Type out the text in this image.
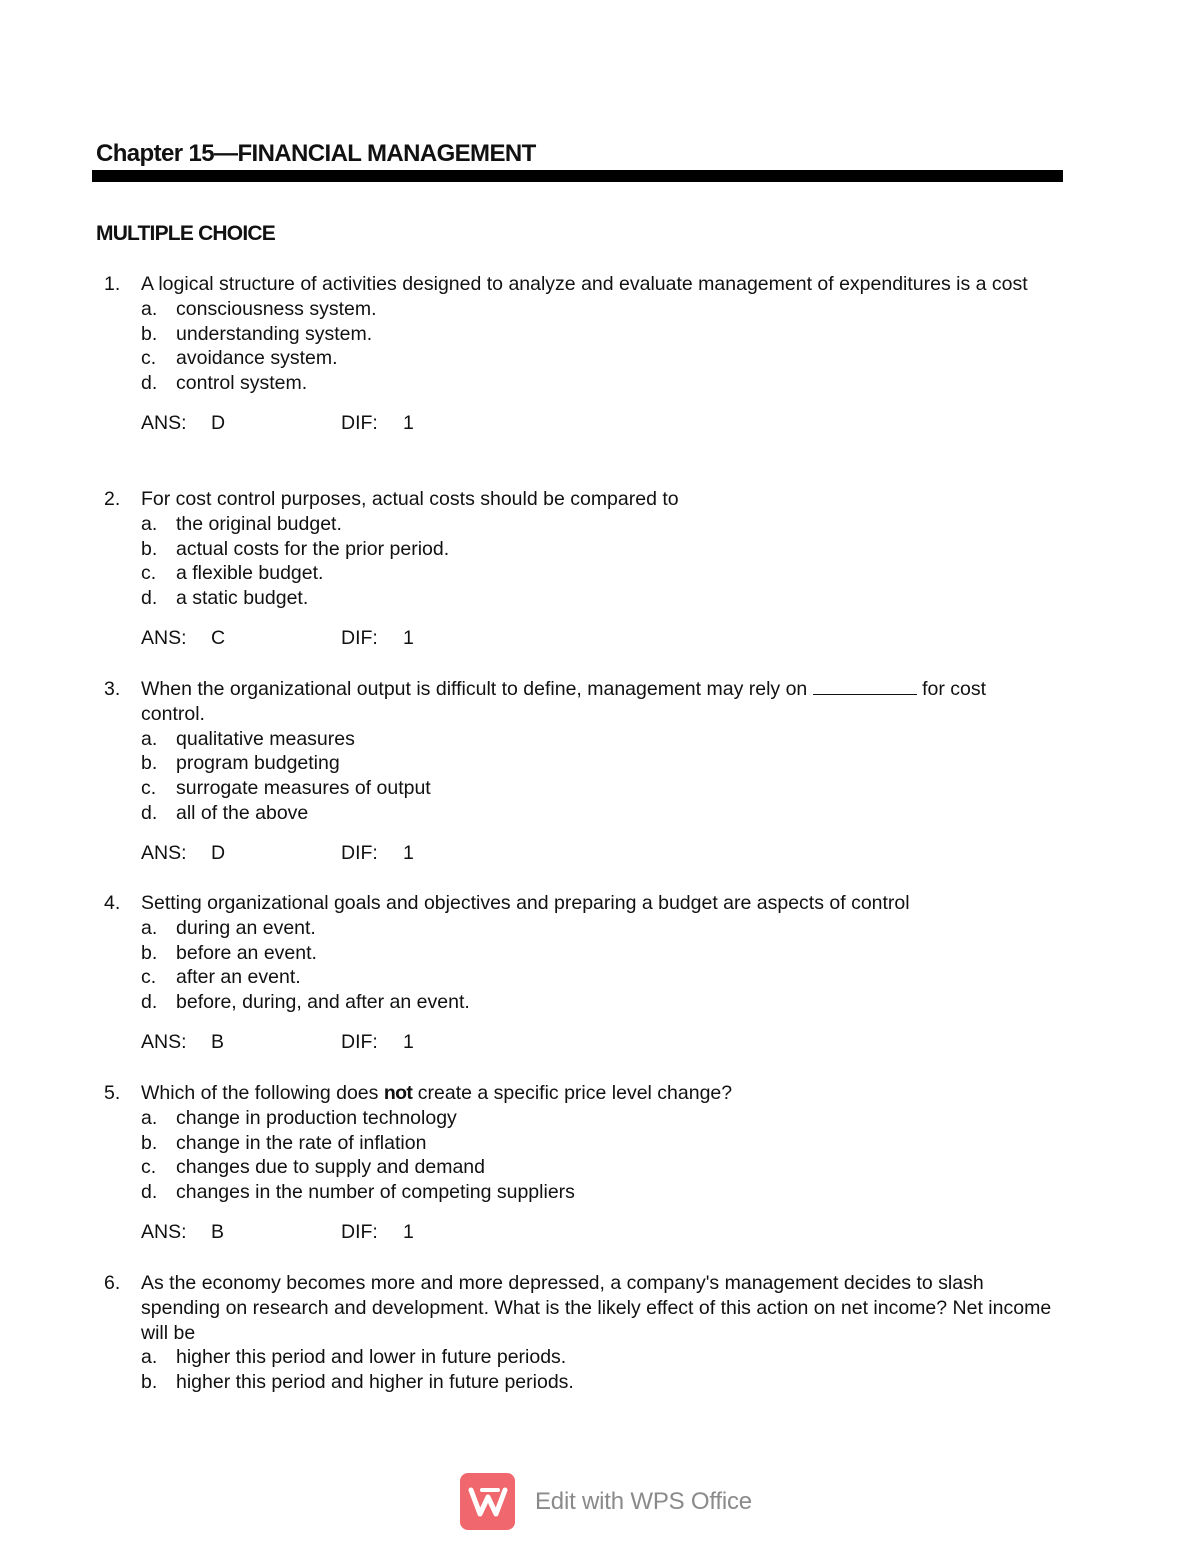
Chapter 15—FINANCIAL MANAGEMENT
MULTIPLE CHOICE
1. A logical structure of activities designed to analyze and evaluate management of expenditures is a cost
a. consciousness system.
b. understanding system.
c. avoidance system.
d. control system.
ANS: D	DIF: 1
2. For cost control purposes, actual costs should be compared to
a. the original budget.
b. actual costs for the prior period.
c. a flexible budget.
d. a static budget.
ANS: C	DIF: 1
3. When the organizational output is difficult to define, management may rely on	for cost control.
a. qualitative measures
b. program budgeting
c. surrogate measures of output
d. all of the above
ANS: D	DIF: 1
4. Setting organizational goals and objectives and preparing a budget are aspects of control
a. during an event.
b. before an event.
c. after an event.
d. before, during, and after an event.
ANS: B	DIF: 1
5. Which of the following does not create a specific price level change?
a. change in production technology
b. change in the rate of inflation
c. changes due to supply and demand
d. changes in the number of competing suppliers
ANS: B	DIF: 1
6. As the economy becomes more and more depressed, a company's management decides to slash spending on research and development. What is the likely effect of this action on net income? Net income will be
a. higher this period and lower in future periods.
b. higher this period and higher in future periods.
Edit with WPS Office
